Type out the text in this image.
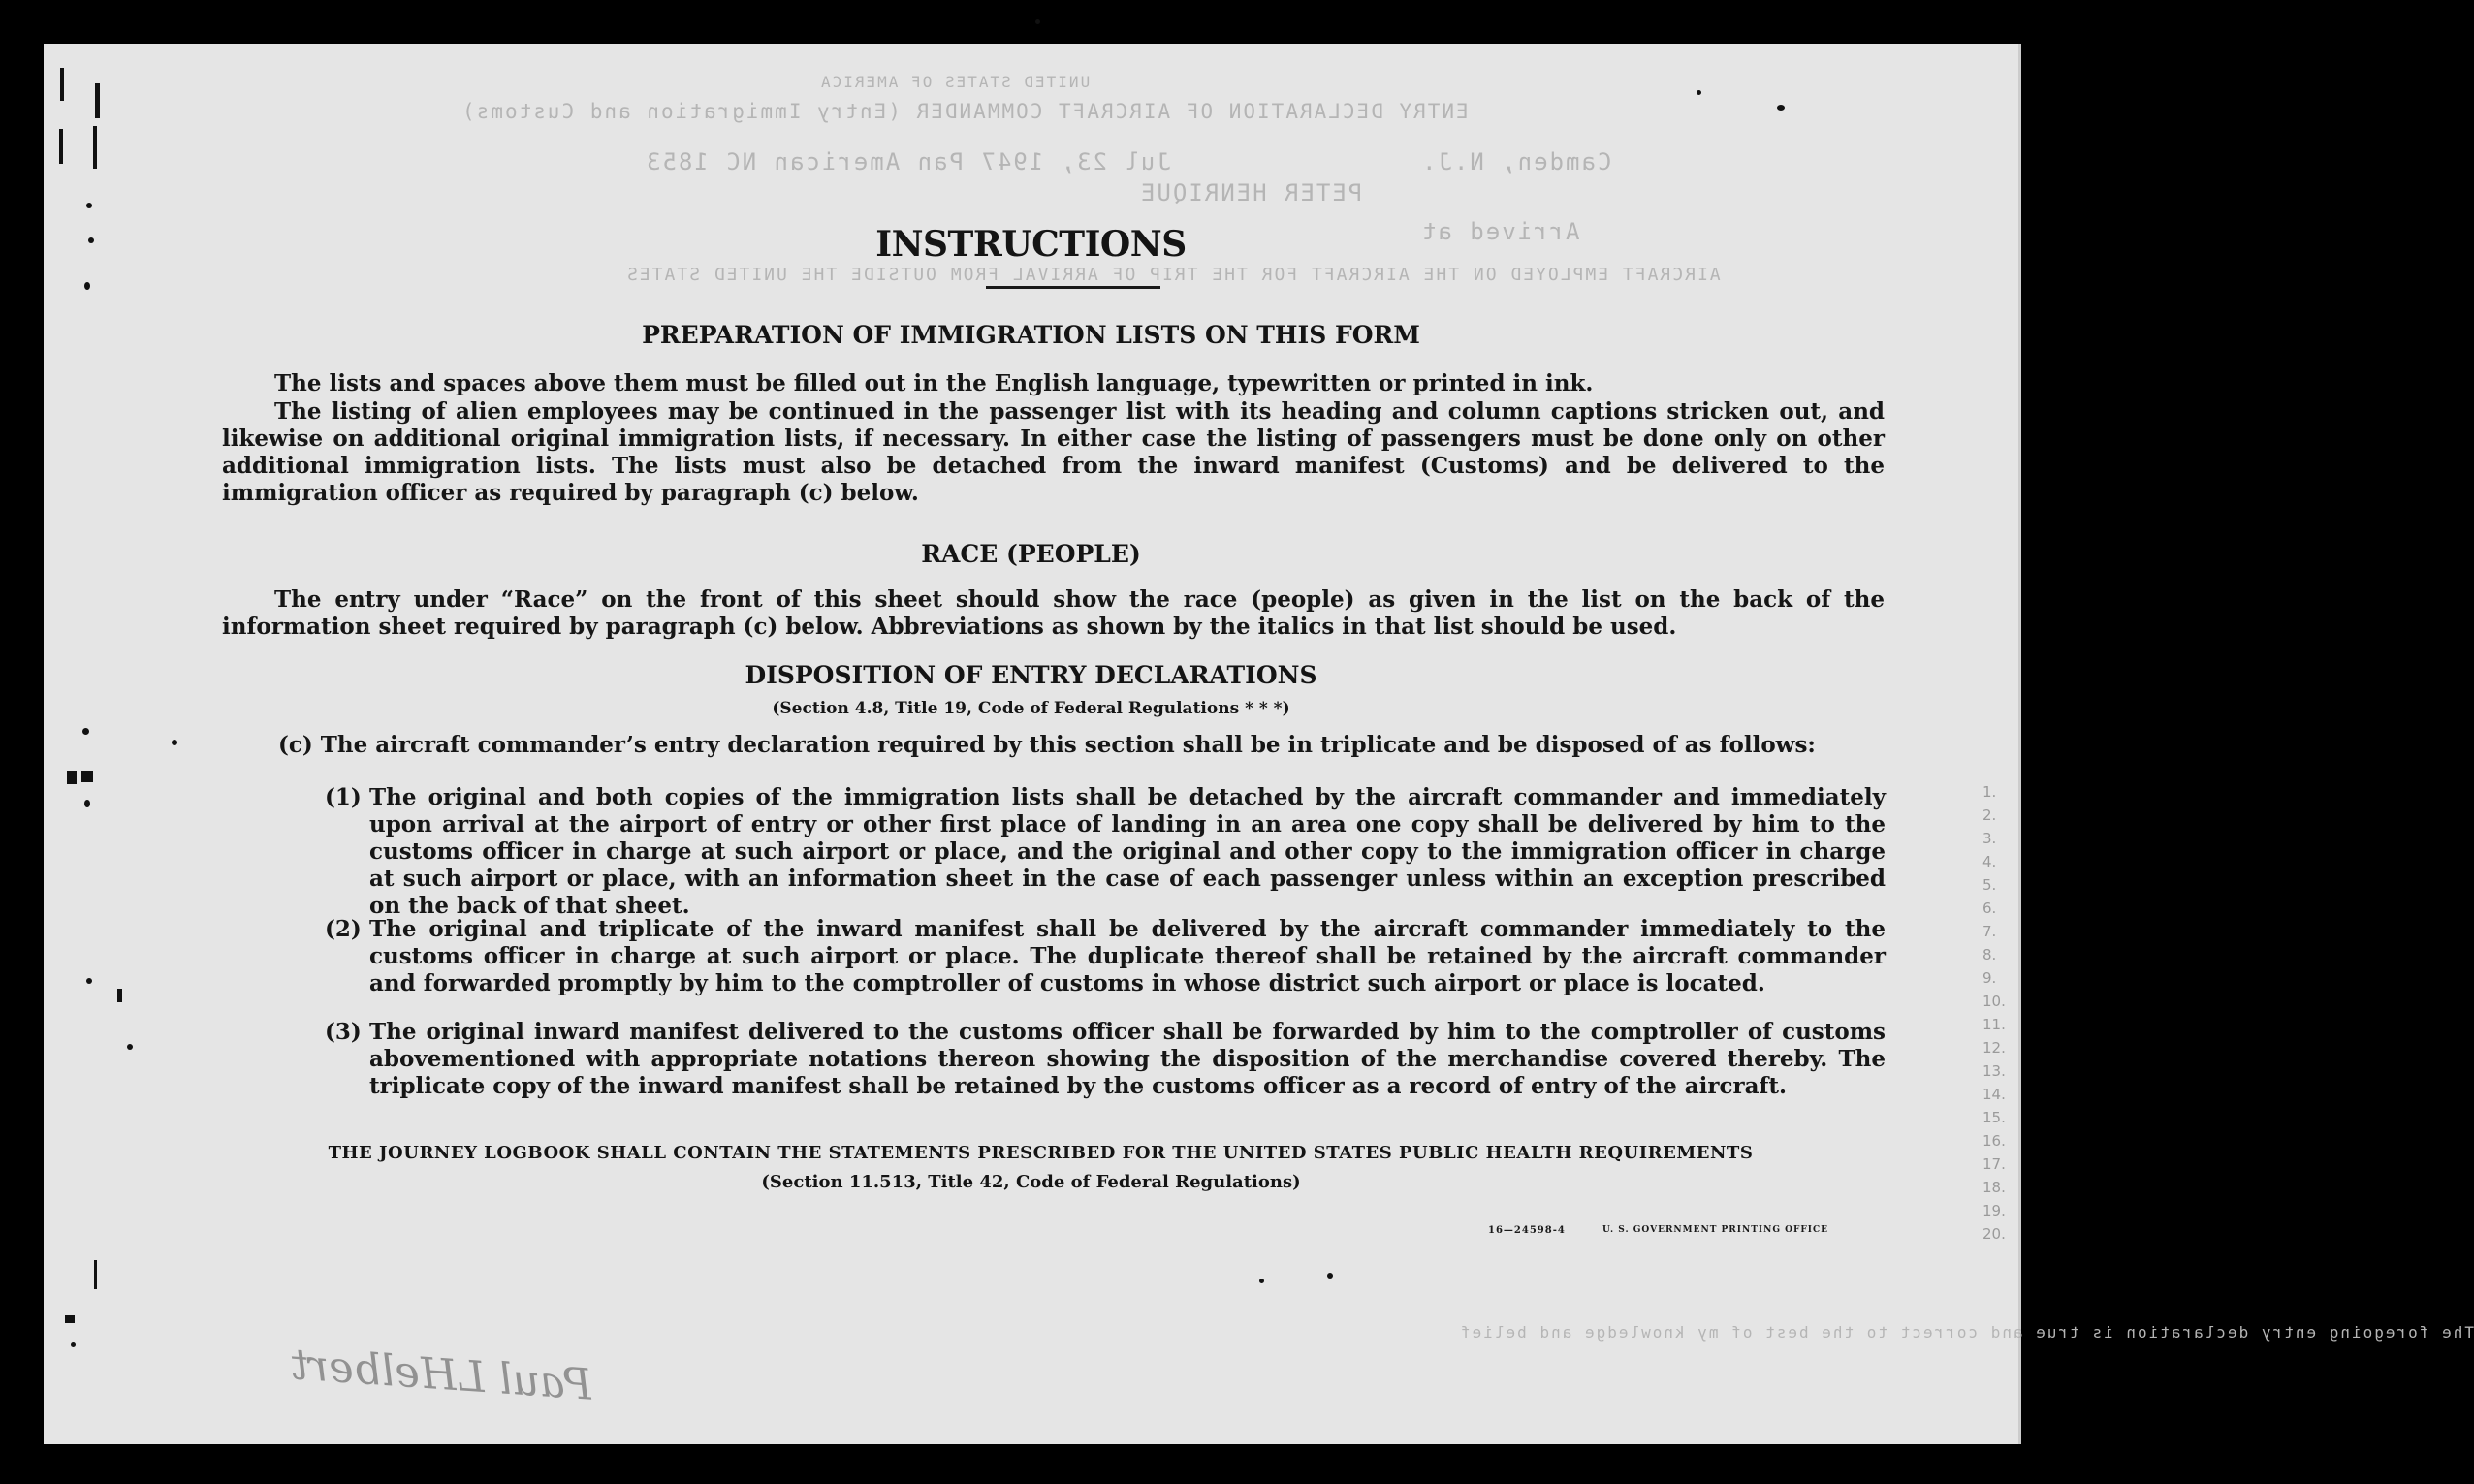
UNITED STATES OF AMERICA
ENTRY DECLARATION OF AIRCRAFT COMMANDER (Entry Immigration and Customs)
Jul 23, 1947 Pan American NC 1853	Camden, N.J.
PETER HENRIQUE
Arrived at
AIRCRAFT EMPLOYED ON THE AIRCRAFT FOR THE TRIP OF ARRIVAL FROM OUTSIDE THE UNITED STATES
The foregoing entry declaration is true and correct to the best of my knowledge and belief
1.
2.
3.
4.
5.
6.
7.
8.
9.
10.
11.
12.
13.
14.
15.
16.
17.
18.
19.
20.
INSTRUCTIONS
PREPARATION OF IMMIGRATION LISTS ON THIS FORM
The lists and spaces above them must be filled out in the English language, typewritten or printed in ink.
The listing of alien employees may be continued in the passenger list with its heading and column captions stricken out, and likewise on additional original immigration lists, if necessary. In either case the listing of passengers must be done only on other additional immigration lists. The lists must also be detached from the inward manifest (Customs) and be delivered to the immigration officer as required by paragraph (c) below.
RACE (PEOPLE)
The entry under “Race” on the front of this sheet should show the race (people) as given in the list on the back of the information sheet required by paragraph (c) below. Abbreviations as shown by the italics in that list should be used.
DISPOSITION OF ENTRY DECLARATIONS
(Section 4.8, Title 19, Code of Federal Regulations * * *)
(c) The aircraft commander’s entry declaration required by this section shall be in triplicate and be disposed of as follows:
(1) The original and both copies of the immigration lists shall be detached by the aircraft commander and immediately upon arrival at the airport of entry or other first place of landing in an area one copy shall be delivered by him to the customs officer in charge at such airport or place, and the original and other copy to the immigration officer in charge at such airport or place, with an information sheet in the case of each passenger unless within an exception prescribed on the back of that sheet.
(2) The original and triplicate of the inward manifest shall be delivered by the aircraft commander immediately to the customs officer in charge at such airport or place. The duplicate thereof shall be retained by the aircraft commander and forwarded promptly by him to the comptroller of customs in whose district such airport or place is located.
(3) The original inward manifest delivered to the customs officer shall be forwarded by him to the comptroller of customs abovementioned with appropriate notations thereon showing the disposition of the merchandise covered thereby. The triplicate copy of the inward manifest shall be retained by the customs officer as a record of entry of the aircraft.
THE JOURNEY LOGBOOK SHALL CONTAIN THE STATEMENTS PRESCRIBED FOR THE UNITED STATES PUBLIC HEALTH REQUIREMENTS
(Section 11.513, Title 42, Code of Federal Regulations)
16—24598-4	U. S. GOVERNMENT PRINTING OFFICE
Paul LHelbert
